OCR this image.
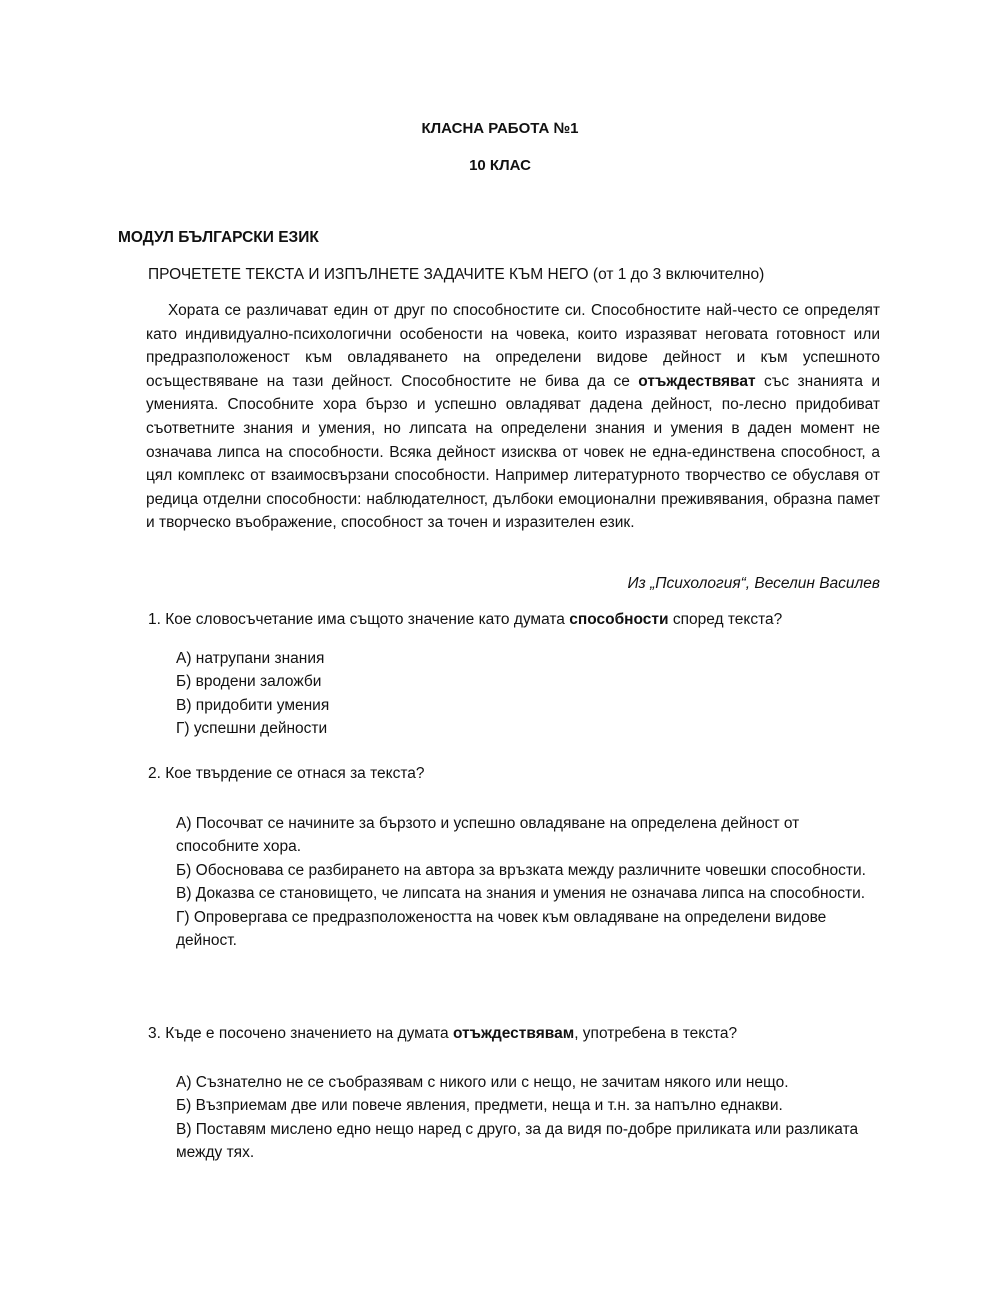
КЛАСНА РАБОТА №1
10 КЛАС
МОДУЛ БЪЛГАРСКИ ЕЗИК
ПРОЧЕТЕТЕ ТЕКСТА И ИЗПЪЛНЕТЕ ЗАДАЧИТЕ КЪМ НЕГО (от 1 до 3 включително)

Хората се различават един от друг по способностите си. Способностите най-често се определят като индивидуално-психологични особености на човека, които изразяват неговата готовност или предразположеност към овладяването на определени видове дейност и към успешното осъществяване на тази дейност. Способностите не бива да се отъждествяват със знанията и уменията. Способните хора бързо и успешно овладяват дадена дейност, по-лесно придобиват съответните знания и умения, но липсата на определени знания и умения в даден момент не означава липса на способности. Всяка дейност изисква от човек не една-единствена способност, а цял комплекс от взаимосвързани способности. Например литературното творчество се обуславя от редица отделни способности: наблюдателност, дълбоки емоционални преживявания, образна памет и творческо въображение, способност за точен и изразителен език.

Из „Психология“, Веселин Василев
1. Кое словосъчетание има същото значение като думата способности според текста?
А) натрупани знания
Б) вродени заложби
В) придобити умения
Г) успешни дейности
2. Кое твърдение се отнася за текста?
А) Посочват се начините за бързото и успешно овладяване на определена дейност от способните хора.
Б) Обосновава се разбирането на автора за връзката между различните човешки способности.
В) Доказва се становището, че липсата на знания и умения не означава липса на способности.
Г) Опровергава се предразположеността на човек към овладяване на определени видове дейност.
3. Къде е посочено значението на думата отъждествявам, употребена в текста?
А) Съзнателно не се съобразявам с никого или с нещо, не зачитам някого или нещо.
Б) Възприемам две или повече явления, предмети, неща и т.н. за напълно еднакви.
В) Поставям мислено едно нещо наред с друго, за да видя по-добре приликата или разликата между тях.
